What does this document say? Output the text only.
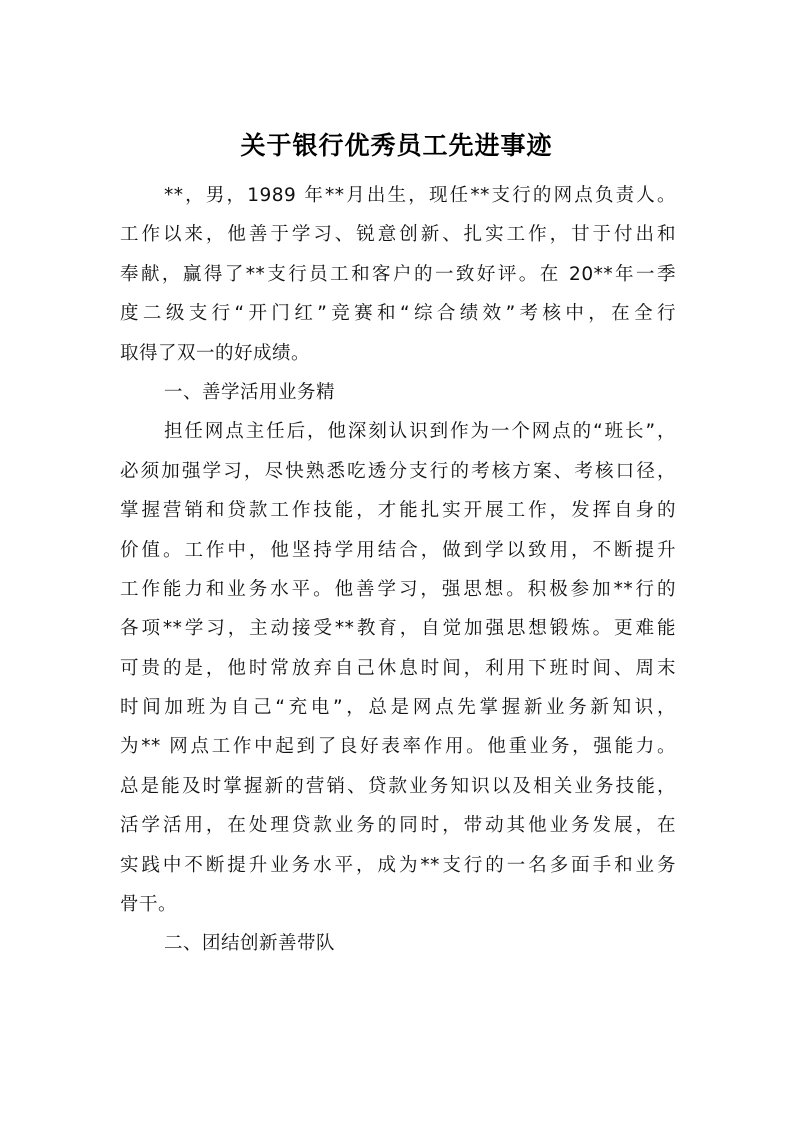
关于银行优秀员工先进事迹
**，男，1989 年**月出生，现任**支行的网点负责人。
工作以来，他善于学习、锐意创新、扎实工作，甘于付出和
奉献，赢得了**支行员工和客户的一致好评。在 20**年一季
度二级支行“开门红”竞赛和“综合绩效”考核中，在全行
取得了双一的好成绩。
一、善学活用业务精
担任网点主任后，他深刻认识到作为一个网点的“班长”，
必须加强学习，尽快熟悉吃透分支行的考核方案、考核口径，
掌握营销和贷款工作技能，才能扎实开展工作，发挥自身的
价值。工作中，他坚持学用结合，做到学以致用，不断提升
工作能力和业务水平。他善学习，强思想。积极参加**行的
各项**学习，主动接受**教育，自觉加强思想锻炼。更难能
可贵的是，他时常放弃自己休息时间，利用下班时间、周末
时间加班为自己“充电”，总是网点先掌握新业务新知识，
为** 网点工作中起到了良好表率作用。他重业务，强能力。
总是能及时掌握新的营销、贷款业务知识以及相关业务技能，
活学活用，在处理贷款业务的同时，带动其他业务发展，在
实践中不断提升业务水平，成为**支行的一名多面手和业务
骨干。
二、团结创新善带队
